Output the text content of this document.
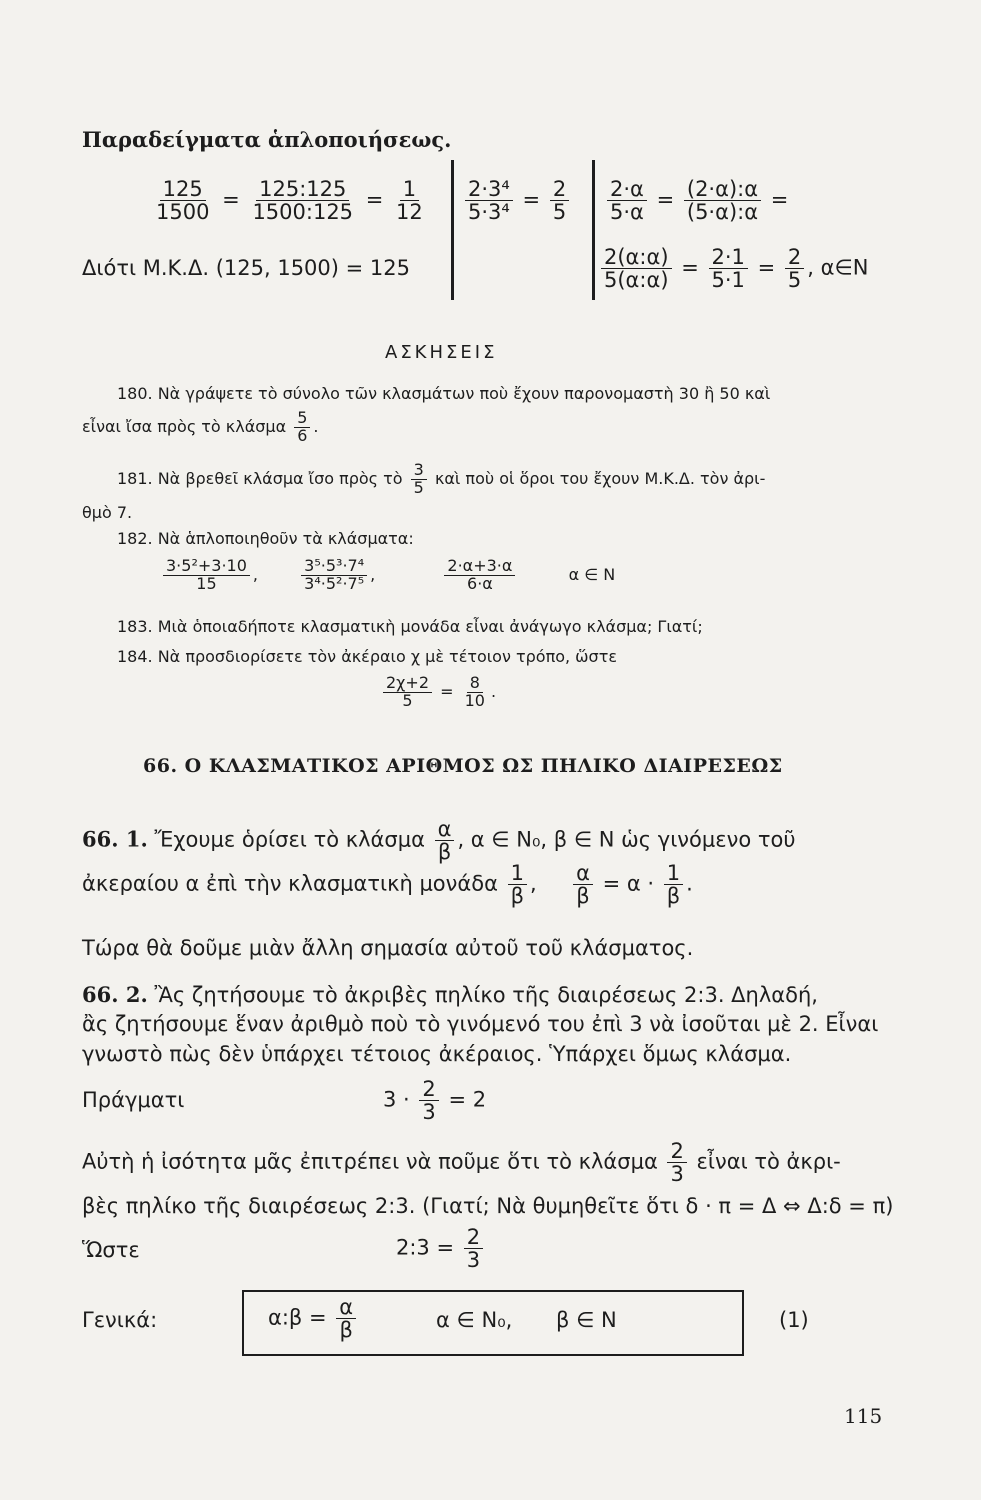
Παραδείγματα ἁπλοποιήσεως.
$\frac{125}{1500} = \frac{125:125}{1500:125} = \frac{1}{12}$
Διότι Μ.Κ.Δ. (125, 1500) = 125
$\frac{\text{2·3⁴}}{\text{5·3⁴}} = \frac{2}{5} \frac{2\cdot\alpha}{5\cdot\alpha} = \frac{(2\cdot\alpha):\alpha}{(5\cdot\alpha):\alpha}$ =
$\frac{2(\alpha:\alpha)}{5(\alpha:\alpha)} = \frac{2\cdot 1}{5\cdot 1} = \frac{2}{5}$ , α∈N
ΑΣΚΗΣΕΙΣ
180. Νὰ γράψετε τὸ σύνολο τῶν κλασμάτων ποὺ ἔχουν παρονομαστὴ 30 ἢ 50 καὶ
εἶναι ἴσα πρὸς τὸ κλάσμα $\frac{5}{6}$ .
181. Νὰ βρεθεῖ κλάσμα ἴσο πρὸς τὸ $\frac{3}{5}$ καὶ ποὺ οἱ ὅροι του ἔχουν Μ.Κ.Δ. τὸν ἀρι-
θμὸ 7.
182. Νὰ ἁπλοποιηθοῦν τὰ κλάσματα:
$\frac{\text{3·5²+3·10}}{15}$ ,	$\frac{\text{3⁵·5³·7⁴}}{\text{3⁴·5²·7⁵}}$ ,	$\frac{2\cdot\alpha+3\cdot\alpha}{6\cdot\alpha}$	α ∈ N
183. Μιὰ ὁποιαδήποτε κλασματικὴ μονάδα εἶναι ἀνάγωγο κλάσμα; Γιατί;
184. Νὰ προσδιορίσετε τὸν ἀκέραιο χ μὲ τέτοιον τρόπο, ὥστε
$\frac{2\chi+2}{5} = \frac{8}{10}$ .
66. Ο ΚΛΑΣΜΑΤΙΚΟΣ ΑΡΙΘΜΟΣ ΩΣ ΠΗΛΙΚΟ ΔΙΑΙΡΕΣΕΩΣ
66. 1. Ἔχουμε ὁρίσει τὸ κλάσμα $\frac{\alpha}{\beta}$ , α ∈ N₀, β ∈ N ὡς γινόμενο τοῦ
ἀκεραίου α ἐπὶ τὴν κλασματικὴ μονάδα $\frac{1}{\beta}$ , $\frac{\alpha}{\beta} = \alpha \cdot \frac{1}{\beta}$ .
Τώρα θὰ δοῦμε μιὰν ἄλλη σημασία αὐτοῦ τοῦ κλάσματος.
66. 2. Ἂς ζητήσουμε τὸ ἀκριβὲς πηλίκο τῆς διαιρέσεως 2:3. Δηλαδή,
ἂς ζητήσουμε ἕναν ἀριθμὸ ποὺ τὸ γινόμενό του ἐπὶ 3 νὰ ἰσοῦται μὲ 2. Εἶναι
γνωστὸ πὼς δὲν ὑπάρχει τέτοιος ἀκέραιος. Ὑπάρχει ὅμως κλάσμα.
Πράγματι	$3 \cdot \frac{2}{3} = 2$
Αὐτὴ ἡ ἰσότητα μᾶς ἐπιτρέπει νὰ ποῦμε ὅτι τὸ κλάσμα $\frac{2}{3}$ εἶναι τὸ ἀκρι-
βὲς πηλίκο τῆς διαιρέσεως 2:3. (Γιατί; Νὰ θυμηθεῖτε ὅτι δ · π = Δ ⇔ Δ:δ = π)
Ὥστε	2:3 = $\frac{2}{3}$
Γενικά:	α:β = $\frac{\alpha}{\beta}$	α ∈ N₀, β ∈ N	(1)
115
